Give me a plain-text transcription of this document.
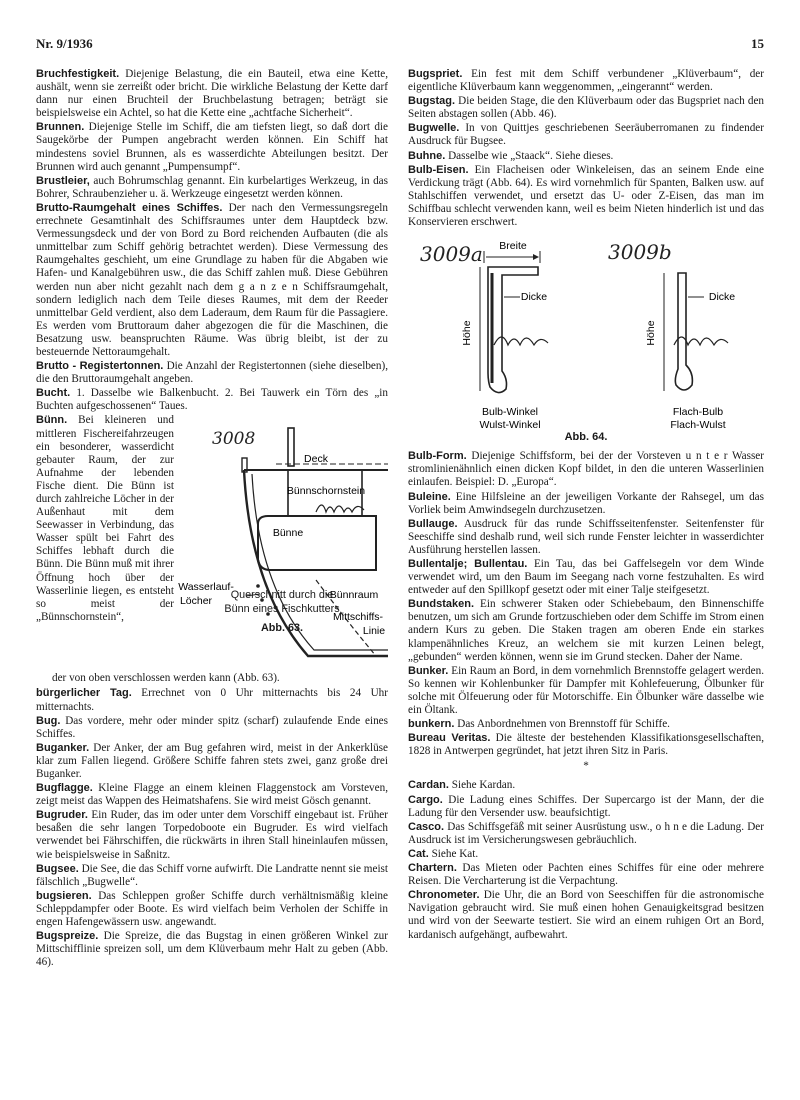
Nr. 9/1936	15

Bruchfestigkeit. Diejenige Belastung, die ein Bauteil, etwa eine Kette, aushält, wenn sie zerreißt oder bricht. Die wirkliche Belastung der Kette darf dann nur einen Bruchteil der Bruchbelastung betragen; beträgt sie beispielsweise ein Achtel, so hat die Kette eine „achtfache Sicherheit“.

Brunnen. Diejenige Stelle im Schiff, die am tiefsten liegt, so daß dort die Saugekörbe der Pumpen angebracht werden können. Ein Schiff hat mindestens soviel Brunnen, als es wasserdichte Abteilungen besitzt. Der Brunnen wird auch genannt „Pumpensumpf“.

Brustleier, auch Bohrumschlag genannt. Ein kurbelartiges Werkzeug, in das Bohrer, Schraubenzieher u. ä. Werkzeuge eingesetzt werden können.

Brutto-Raumgehalt eines Schiffes. Der nach den Vermessungsregeln errechnete Gesamtinhalt des Schiffsraumes unter dem Hauptdeck bzw. Vermessungsdeck und der von Bord zu Bord reichenden Aufbauten (die als unmittelbar zum Schiff gehörig betrachtet werden). Diese Vermessung des Raumgehaltes geschieht, um eine Grundlage zu haben für die Abgaben wie Hafen- und Kanalgebühren usw., die das Schiff zahlen muß. Diese Gebühren werden nun aber nicht gezahlt nach dem g a n z e n Schiffsraumgehalt, sondern lediglich nach dem Teile dieses Raumes, mit dem der Reeder unmittelbar Geld verdient, also dem Laderaum, dem Raum für die Passagiere. Es werden vom Bruttoraum daher abgezogen die für die Maschinen, die Besatzung usw. beanspruchten Räume. Was übrig bleibt, ist der zu besteuernde Nettoraumgehalt.

Brutto - Registertonnen. Die Anzahl der Registertonnen (siehe dieselben), die den Bruttoraumgehalt angeben.

Bucht. 1. Dasselbe wie Balkenbucht. 2. Bei Tauwerk ein Törn des „in Buchten aufgeschossenen“ Taues.

Bünn. Bei kleineren und mittleren Fischereifahrzeugen ein besonderer, wasserdicht gebauter Raum, der zur Aufnahme der lebenden Fische dient. Die Bünn ist durch zahlreiche Löcher in der Außenhaut mit dem Seewasser in Verbindung, das Wasser spült bei Fahrt des Schiffes lebhaft durch die Bünn. Die Bünn muß mit ihrer Öffnung hoch über der Wasserlinie liegen, es entsteht so meist der „Bünnschornstein“,
3008
Deck
Bünnschornstein
Bünne
Bünnraum
Wasserlauf-
Löcher
Mittschiffs-
Linie
Querschnitt durch die
Bünn eines Fischkutters
Abb. 63.
der von oben verschlossen werden kann (Abb. 63).

bürgerlicher Tag. Errechnet von 0 Uhr mitternachts bis 24 Uhr mitternachts.

Bug. Das vordere, mehr oder minder spitz (scharf) zulaufende Ende eines Schiffes.

Buganker. Der Anker, der am Bug gefahren wird, meist in der Ankerklüse klar zum Fallen liegend. Größere Schiffe fahren stets zwei, ganz große drei Buganker.

Bugflagge. Kleine Flagge an einem kleinen Flaggenstock am Vorsteven, zeigt meist das Wappen des Heimatshafens. Sie wird meist Gösch genannt.

Bugruder. Ein Ruder, das im oder unter dem Vorschiff eingebaut ist. Früher besaßen die sehr langen Torpedoboote ein Bugruder. Es wird vielfach verwendet bei Fährschiffen, die rückwärts in ihren Stall hineinlaufen müssen, wie beispielsweise in Saßnitz.

Bugsee. Die See, die das Schiff vorne aufwirft. Die Landratte nennt sie meist fälschlich „Bugwelle“.

bugsieren. Das Schleppen großer Schiffe durch verhältnismäßig kleine Schleppdampfer oder Boote. Es wird vielfach beim Verholen der Schiffe in engen Hafengewässern usw. angewandt.

Bugspreize. Die Spreize, die das Bugstag in einen größeren Winkel zur Mittschifflinie spreizen soll, um dem Klüverbaum mehr Halt zu geben (Abb. 46).

Bugspriet. Ein fest mit dem Schiff verbundener „Klüverbaum“, der eigentliche Klüverbaum kann weggenommen, „eingerannt“ werden.

Bugstag. Die beiden Stage, die den Klüverbaum oder das Bugspriet nach den Seiten abstagen sollen (Abb. 46).

Bugwelle. In von Quittjes geschriebenen Seeräuberromanen zu findender Ausdruck für Bugsee.

Buhne. Dasselbe wie „Staack“. Siehe dieses.

Bulb-Eisen. Ein Flacheisen oder Winkeleisen, das an seinem Ende eine Verdickung trägt (Abb. 64). Es wird vornehmlich für Spanten, Balken usw. auf Stahlschiffen verwendet, und ersetzt das U- oder Z-Eisen, das man im Schiffbau schlecht verwenden kann, weil es beim Nieten hinderlich ist und das Konservieren erschwert.

3009a	3009b
Breite
Höhe
Dicke
Bulb-Winkel
Wulst-Winkel
Höhe
Dicke
Flach-Bulb
Flach-Wulst
Abb. 64.

Bulb-Form. Diejenige Schiffsform, bei der der Vorsteven u n t e r Wasser stromlinienähnlich einen dicken Kopf bildet, in den die unteren Wasserlinien einlaufen. Beispiel: D. „Europa“.

Buleine. Eine Hilfsleine an der jeweiligen Vorkante der Rahsegel, um das Vorliek beim Amwindsegeln durchzusetzen.

Bullauge. Ausdruck für das runde Schiffsseitenfenster. Seitenfenster für Seeschiffe sind deshalb rund, weil sich runde Fenster leichter in wasserdichter Ausführung herstellen lassen.

Bullentalje; Bullentau. Ein Tau, das bei Gaffelsegeln vor dem Winde verwendet wird, um den Baum im Seegang nach vorne festzuhalten. Es wird entweder auf den Spillkopf gesetzt oder mit einer Talje steifgesetzt.

Bundstaken. Ein schwerer Staken oder Schiebebaum, den Binnenschiffe benutzen, um sich am Grunde fortzuschieben oder dem Schiffe im Strom einen andern Kurs zu geben. Die Staken tragen am oberen Ende ein starkes klampenähnliches Kreuz, an welchem sie mit kurzen Leinen belegt, „gebunden“ werden können, wenn sie im Grund stecken. Daher der Name.

Bunker. Ein Raum an Bord, in dem vornehmlich Brennstoffe gelagert werden. So kennen wir Kohlenbunker für Dampfer mit Kohlefeuerung, Ölbunker für solche mit Ölfeuerung oder für Motorschiffe. Ein Ölbunker wäre dasselbe wie ein Öltank.

bunkern. Das Anbordnehmen von Brennstoff für Schiffe.

Bureau Veritas. Die älteste der bestehenden Klassifikationsgesellschaften, 1828 in Antwerpen gegründet, hat jetzt ihren Sitz in Paris.

*

Cardan. Siehe Kardan.

Cargo. Die Ladung eines Schiffes. Der Supercargo ist der Mann, der die Ladung für den Versender usw. beaufsichtigt.

Casco. Das Schiffsgefäß mit seiner Ausrüstung usw., o h n e die Ladung. Der Ausdruck ist im Versicherungswesen gebräuchlich.

Cat. Siehe Kat.

Chartern. Das Mieten oder Pachten eines Schiffes für eine oder mehrere Reisen. Die Vercharterung ist die Verpachtung.

Chronometer. Die Uhr, die an Bord von Seeschiffen für die astronomische Navigation gebraucht wird. Sie muß einen hohen Genauigkeitsgrad besitzen und wird von der Seewarte testiert. Sie wird an einem ruhigen Ort an Bord, kardanisch aufgehängt, aufbewahrt.
